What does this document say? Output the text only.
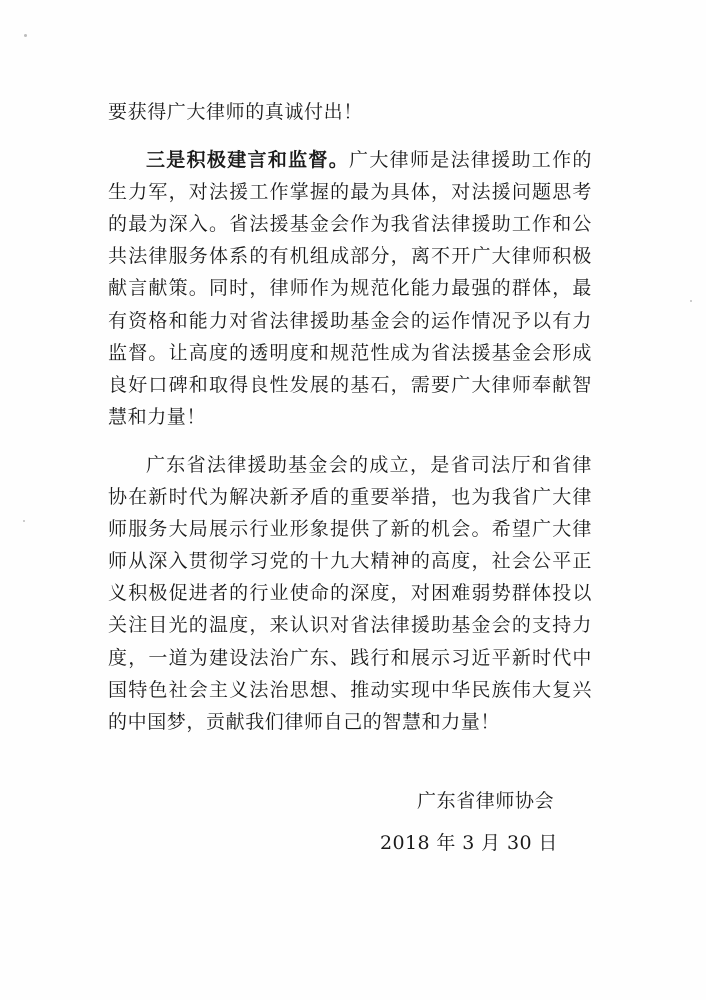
要获得广大律师的真诚付出！

三是积极建言和监督。广大律师是法律援助工作的生力军，对法援工作掌握的最为具体，对法援问题思考的最为深入。省法援基金会作为我省法律援助工作和公共法律服务体系的有机组成部分，离不开广大律师积极献言献策。同时，律师作为规范化能力最强的群体，最有资格和能力对省法律援助基金会的运作情况予以有力监督。让高度的透明度和规范性成为省法援基金会形成良好口碑和取得良性发展的基石，需要广大律师奉献智慧和力量！

广东省法律援助基金会的成立，是省司法厅和省律协在新时代为解决新矛盾的重要举措，也为我省广大律师服务大局展示行业形象提供了新的机会。希望广大律师从深入贯彻学习党的十九大精神的高度，社会公平正义积极促进者的行业使命的深度，对困难弱势群体投以关注目光的温度，来认识对省法律援助基金会的支持力度，一道为建设法治广东、践行和展示习近平新时代中国特色社会主义法治思想、推动实现中华民族伟大复兴的中国梦，贡献我们律师自己的智慧和力量！

广东省律师协会
2018 年 3 月 30 日
